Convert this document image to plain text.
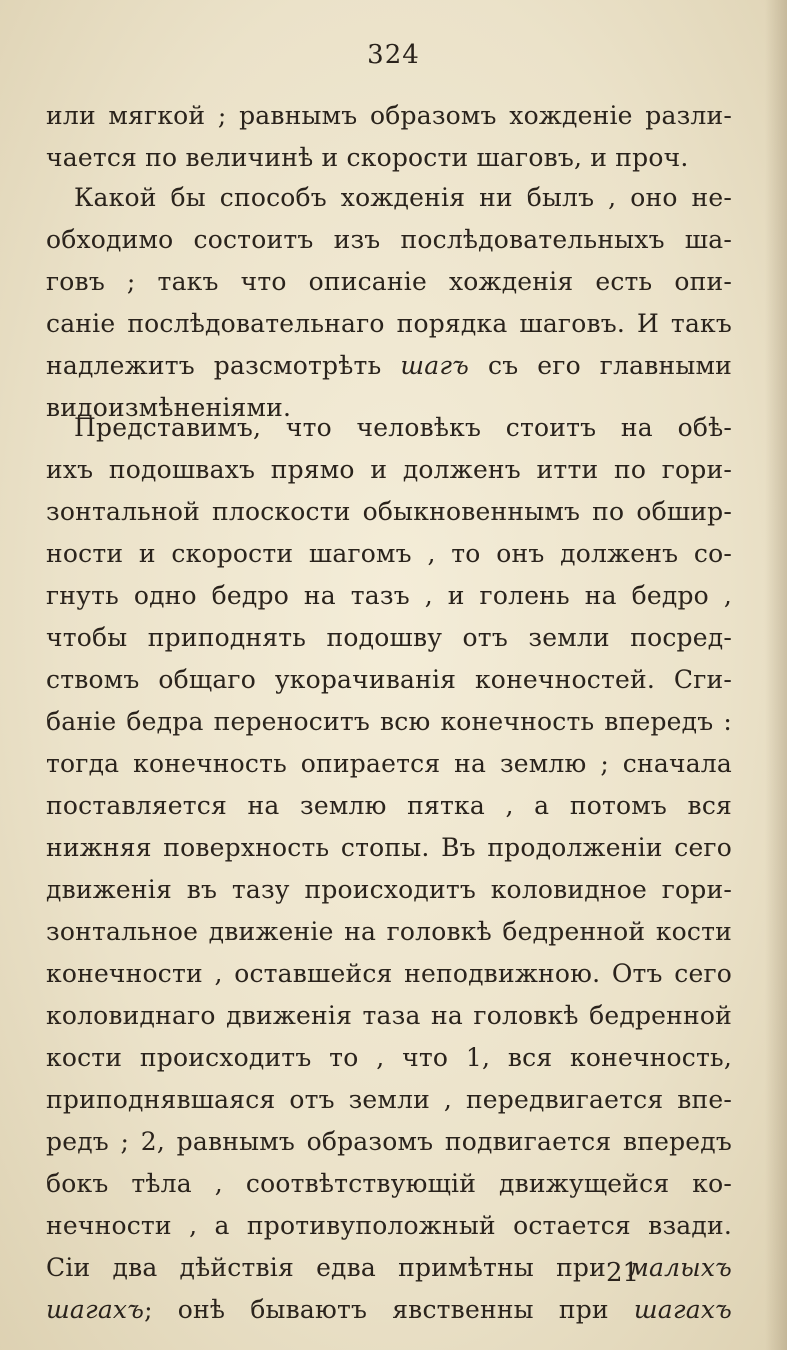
324
или мягкой ; равнымъ образомъ хожденіе разли-
чается по величинѣ и скорости шаговъ, и проч.
Какой бы способъ хожденія ни былъ , оно не-
обходимо состоитъ изъ послѣдовательныхъ ша-
говъ ; такъ что описаніе хожденія есть опи-
саніе послѣдовательнаго порядка шаговъ. И такъ
надлежитъ разсмотрѣть шагъ съ его главными
видоизмѣненіями.
Представимъ, что человѣкъ стоитъ на обѣ-
ихъ подошвахъ прямо и долженъ итти по гори-
зонтальной плоскости обыкновеннымъ по обшир-
ности и скорости шагомъ , то онъ долженъ со-
гнуть одно бедро на тазъ , и голень на бедро ,
чтобы приподнять подошву отъ земли посред-
ствомъ общаго укорачиванія конечностей. Сги-
баніе бедра переноситъ всю конечность впередъ :
тогда конечность опирается на землю ; сначала
поставляется на землю пятка , а потомъ вся
нижняя поверхность стопы. Въ продолженіи сего
движенія въ тазу происходитъ коловидное гори-
зонтальное движеніе на головкѣ бедренной кости
конечности , оставшейся неподвижною. Отъ сего
коловиднаго движенія таза на головкѣ бедренной
кости происходитъ то , что 1, вся конечность,
приподнявшаяся отъ земли , передвигается впе-
редъ ; 2, равнымъ образомъ подвигается впередъ
бокъ тѣла , соотвѣтствующій движущейся ко-
нечности , а противуположный остается взади.
Сіи два дѣйствія едва примѣтны при малыхъ
шагахъ; онѣ бываютъ явственны при шагахъ
21
